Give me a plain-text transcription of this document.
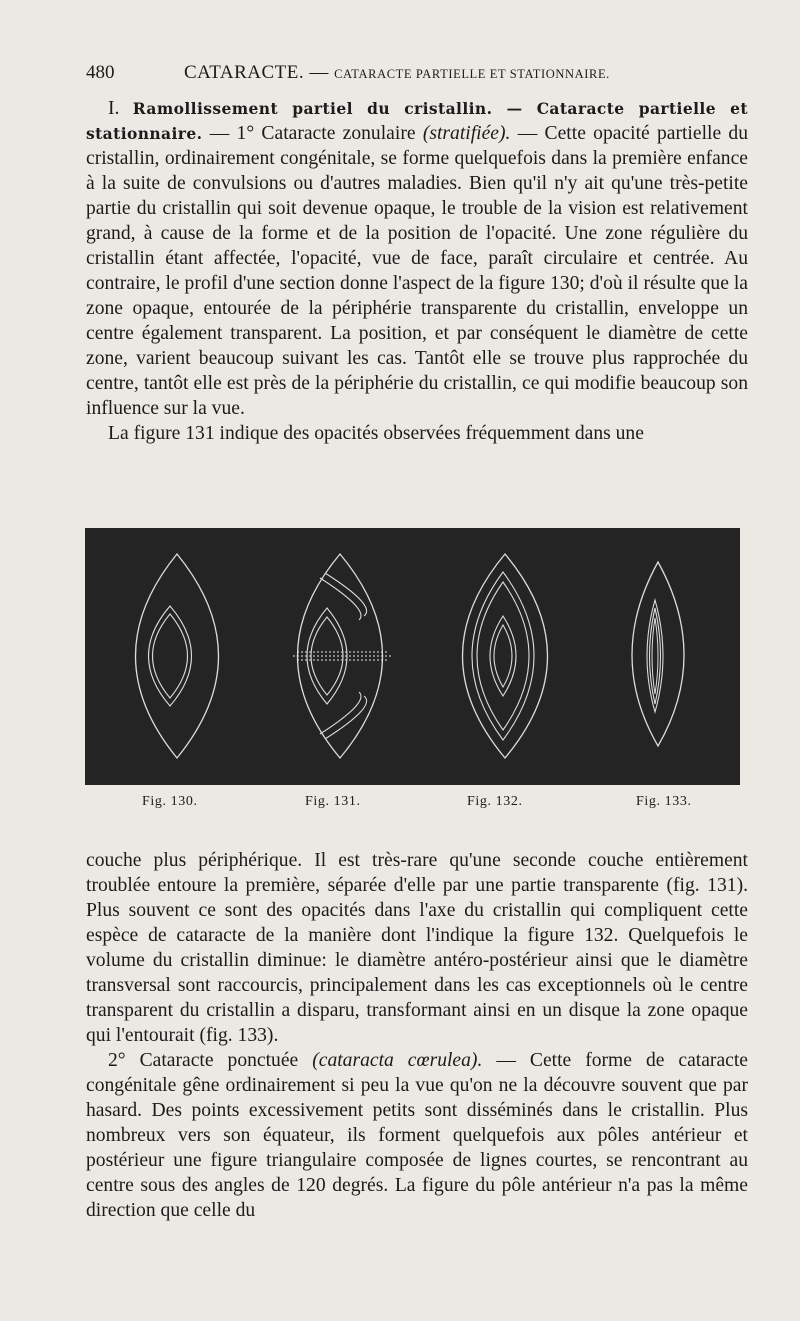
480	CATARACTE. — CATARACTE PARTIELLE ET STATIONNAIRE.

I. Ramollissement partiel du cristallin. — Cataracte partielle et stationnaire. — 1° Cataracte zonulaire (stratifiée). — Cette opacité partielle du cristallin, ordinairement congénitale, se forme quelquefois dans la première enfance à la suite de convulsions ou d'autres maladies. Bien qu'il n'y ait qu'une très-petite partie du cristallin qui soit devenue opaque, le trouble de la vision est relativement grand, à cause de la forme et de la position de l'opacité. Une zone régulière du cristallin étant affectée, l'opacité, vue de face, paraît circulaire et centrée. Au contraire, le profil d'une section donne l'aspect de la figure 130; d'où il résulte que la zone opaque, entourée de la périphérie transparente du cristallin, enveloppe un centre également transparent. La position, et par conséquent le diamètre de cette zone, varient beaucoup suivant les cas. Tantôt elle se trouve plus rapprochée du centre, tantôt elle est près de la périphérie du cristallin, ce qui modifie beaucoup son influence sur la vue.

La figure 131 indique des opacités observées fréquemment dans une

Fig. 130.	Fig. 131.	Fig. 132.	Fig. 133.

couche plus périphérique. Il est très-rare qu'une seconde couche entièrement troublée entoure la première, séparée d'elle par une partie transparente (fig. 131). Plus souvent ce sont des opacités dans l'axe du cristallin qui compliquent cette espèce de cataracte de la manière dont l'indique la figure 132. Quelquefois le volume du cristallin diminue: le diamètre antéro-postérieur ainsi que le diamètre transversal sont raccourcis, principalement dans les cas exceptionnels où le centre transparent du cristallin a disparu, transformant ainsi en un disque la zone opaque qui l'entourait (fig. 133).

2° Cataracte ponctuée (cataracta cœrulea). — Cette forme de cataracte congénitale gêne ordinairement si peu la vue qu'on ne la découvre souvent que par hasard. Des points excessivement petits sont disséminés dans le cristallin. Plus nombreux vers son équateur, ils forment quelquefois aux pôles antérieur et postérieur une figure triangulaire composée de lignes courtes, se rencontrant au centre sous des angles de 120 degrés. La figure du pôle antérieur n'a pas la même direction que celle du
